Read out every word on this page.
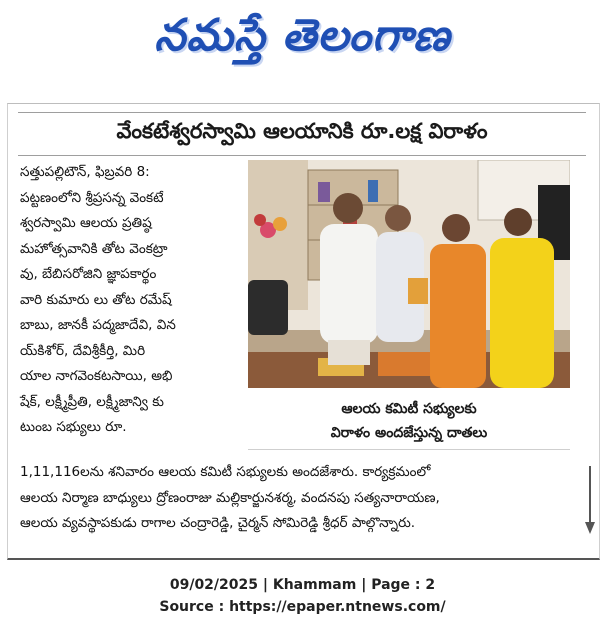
నమస్తే తెలంగాణ
వేంకటేశ్వరస్వామి ఆలయానికి రూ.లక్ష విరాళం
సత్తుపల్లిటౌన్‌, ఫిబ్రవరి 8:
పట్టణంలోని శ్రీప్రసన్న వెంకటే
శ్వరస్వామి ఆలయ ప్రతిష్ఠ
మహోత్సవానికి తోట వెంకట్రా
వు, బేబిసరోజిని జ్ఞాపకార్థం
వారి కుమారు లు తోట రమేష్‌
బాబు, జానకీ పద్మజాదేవి, విన
య్‌కిశోర్‌, దేవిశ్రీకీర్తి, మిరి
యాల నాగవెంకటసాయి, అభి
షేక్‌, లక్ష్మీప్రీతి, లక్ష్మీజాన్వి కు
టుంబ సభ్యులు రూ.
ఆలయ కమిటీ సభ్యులకు
విరాళం అందజేస్తున్న దాతలు
1,11,116లను శనివారం ఆలయ కమిటీ సభ్యులకు అందజేశారు. కార్యక్రమంలో
ఆలయ నిర్మాణ బాధ్యులు ద్రోణంరాజు మల్లికార్జునశర్మ, వందనపు సత్యనారాయణ,
ఆలయ వ్యవస్థాపకుడు రాగాల చంద్రారెడ్డి, చైర్మన్‌ సోమిరెడ్డి శ్రీధర్‌ పాల్గొన్నారు.
09/02/2025 | Khammam | Page : 2
Source : https://epaper.ntnews.com/
